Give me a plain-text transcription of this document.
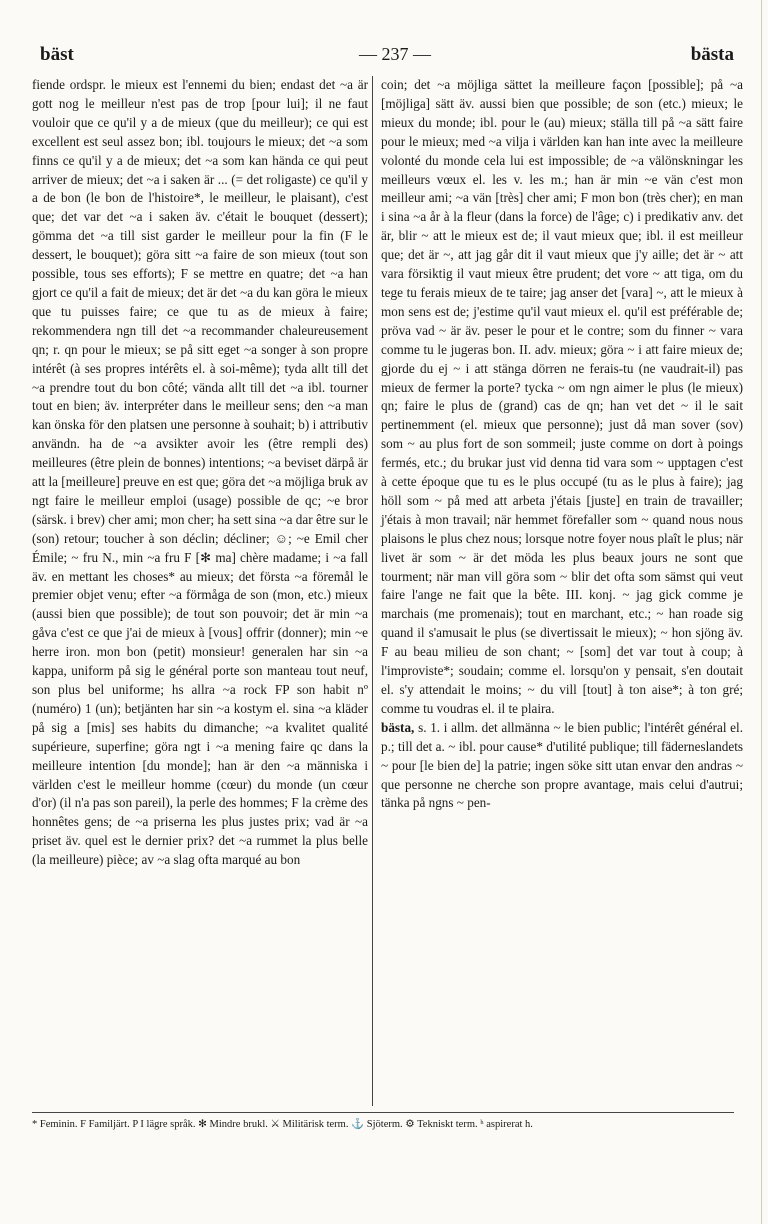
bäst	— 237 —	bästa

fiende ordspr. le mieux est l'ennemi du bien; endast det ~a är gott nog le meilleur n'est pas de trop [pour lui]; il ne faut vouloir que ce qu'il y a de mieux (que du meilleur); ce qui est excellent est seul assez bon; ibl. toujours le mieux; det ~a som finns ce qu'il y a de mieux; det ~a som kan hända ce qui peut arriver de mieux; det ~a i saken är ... (= det roligaste) ce qu'il y a de bon (le bon de l'histoire*, le meilleur, le plaisant), c'est que; det var det ~a i saken äv. c'était le bouquet (dessert); gömma det ~a till sist garder le meilleur pour la fin (F le dessert, le bouquet); göra sitt ~a faire de son mieux (tout son possible, tous ses efforts); F se mettre en quatre; det ~a han gjort ce qu'il a fait de mieux; det är det ~a du kan göra le mieux que tu puisses faire; ce que tu as de mieux à faire; rekommendera ngn till det ~a recommander chaleureusement qn; r. qn pour le mieux; se på sitt eget ~a songer à son propre intérêt (à ses propres intérêts el. à soi-même); tyda allt till det ~a prendre tout du bon côté; vända allt till det ~a ibl. tourner tout en bien; äv. interpréter dans le meilleur sens; den ~a man kan önska för den platsen une personne à souhait; b) i attributiv användn. ha de ~a avsikter avoir les (être rempli des) meilleures (être plein de bonnes) intentions; ~a beviset därpå är att la [meilleure] preuve en est que; göra det ~a möjliga bruk av ngt faire le meilleur emploi (usage) possible de qc; ~e bror (särsk. i brev) cher ami; mon cher; ha sett sina ~a dar être sur le (son) retour; toucher à son déclin; décliner; ☺; ~e Emil cher Émile; ~ fru N., min ~a fru F [✻ ma] chère madame; i ~a fall äv. en mettant les choses* au mieux; det första ~a föremål le premier objet venu; efter ~a förmåga de son (mon, etc.) mieux (aussi bien que possible); de tout son pouvoir; det är min ~a gåva c'est ce que j'ai de mieux à [vous] offrir (donner); min ~e herre iron. mon bon (petit) monsieur! generalen har sin ~a kappa, uniform på sig le général porte son manteau tout neuf, son plus bel uniforme; hs allra ~a rock FP son habit nº (numéro) 1 (un); betjänten har sin ~a kostym el. sina ~a kläder på sig a [mis] ses habits du dimanche; ~a kvalitet qualité supérieure, superfine; göra ngt i ~a mening faire qc dans la meilleure intention [du monde]; han är den ~a människa i världen c'est le meilleur homme (cœur) du monde (un cœur d'or) (il n'a pas son pareil), la perle des hommes; F la crème des honnêtes gens; de ~a priserna les plus justes prix; vad är ~a priset äv. quel est le dernier prix? det ~a rummet la plus belle (la meilleure) pièce; av ~a slag ofta marqué au bon

coin; det ~a möjliga sättet la meilleure façon [possible]; på ~a [möjliga] sätt äv. aussi bien que possible; de son (etc.) mieux; le mieux du monde; ibl. pour le (au) mieux; ställa till på ~a sätt faire pour le mieux; med ~a vilja i världen kan han inte avec la meilleure volonté du monde cela lui est impossible; de ~a välönskningar les meilleurs vœux el. les v. les m.; han är min ~e vän c'est mon meilleur ami; ~a vän [très] cher ami; F mon bon (très cher); en man i sina ~a år à la fleur (dans la force) de l'âge; c) i predikativ anv. det är, blir ~ att le mieux est de; il vaut mieux que; ibl. il est meilleur que; det är ~, att jag går dit il vaut mieux que j'y aille; det är ~ att vara försiktig il vaut mieux être prudent; det vore ~ att tiga, om du tege tu ferais mieux de te taire; jag anser det [vara] ~, att le mieux à mon sens est de; j'estime qu'il vaut mieux el. qu'il est préférable de; pröva vad ~ är äv. peser le pour et le contre; som du finner ~ vara comme tu le jugeras bon. II. adv. mieux; göra ~ i att faire mieux de; gjorde du ej ~ i att stänga dörren ne ferais-tu (ne vaudrait-il) pas mieux de fermer la porte? tycka ~ om ngn aimer le plus (le mieux) qn; faire le plus de (grand) cas de qn; han vet det ~ il le sait pertinemment (el. mieux que personne); just då man sover (sov) som ~ au plus fort de son sommeil; juste comme on dort à poings fermés, etc.; du brukar just vid denna tid vara som ~ upptagen c'est à cette époque que tu es le plus occupé (tu as le plus à faire); jag höll som ~ på med att arbeta j'étais [juste] en train de travailler; j'étais à mon travail; när hemmet förefaller som ~ quand nous nous plaisons le plus chez nous; lorsque notre foyer nous plaît le plus; när livet är som ~ är det möda les plus beaux jours ne sont que tourment; när man vill göra som ~ blir det ofta som sämst qui veut faire l'ange ne fait que la bête. III. konj. ~ jag gick comme je marchais (me promenais); tout en marchant, etc.; ~ han roade sig quand il s'amusait le plus (se divertissait le mieux); ~ hon sjöng äv. F au beau milieu de son chant; ~ [som] det var tout à coup; à l'improviste*; soudain; comme el. lorsqu'on y pensait, s'en doutait el. s'y attendait le moins; ~ du vill [tout] à ton aise*; à ton gré; comme tu voudras el. il te plaira.

bästa, s. 1. i allm. det allmänna ~ le bien public; l'intérêt général el. p.; till det a. ~ ibl. pour cause* d'utilité publique; till fäderneslandets ~ pour [le bien de] la patrie; ingen söke sitt utan envar den andras ~ que personne ne cherche son propre avantage, mais celui d'autrui; tänka på ngns ~ pen-

* Feminin. F Familjärt. P I lägre språk. ✻ Mindre brukl. ⚔ Militärisk term. ⚓ Sjöterm. ⚙ Tekniskt term. ʰ aspirerat h.
